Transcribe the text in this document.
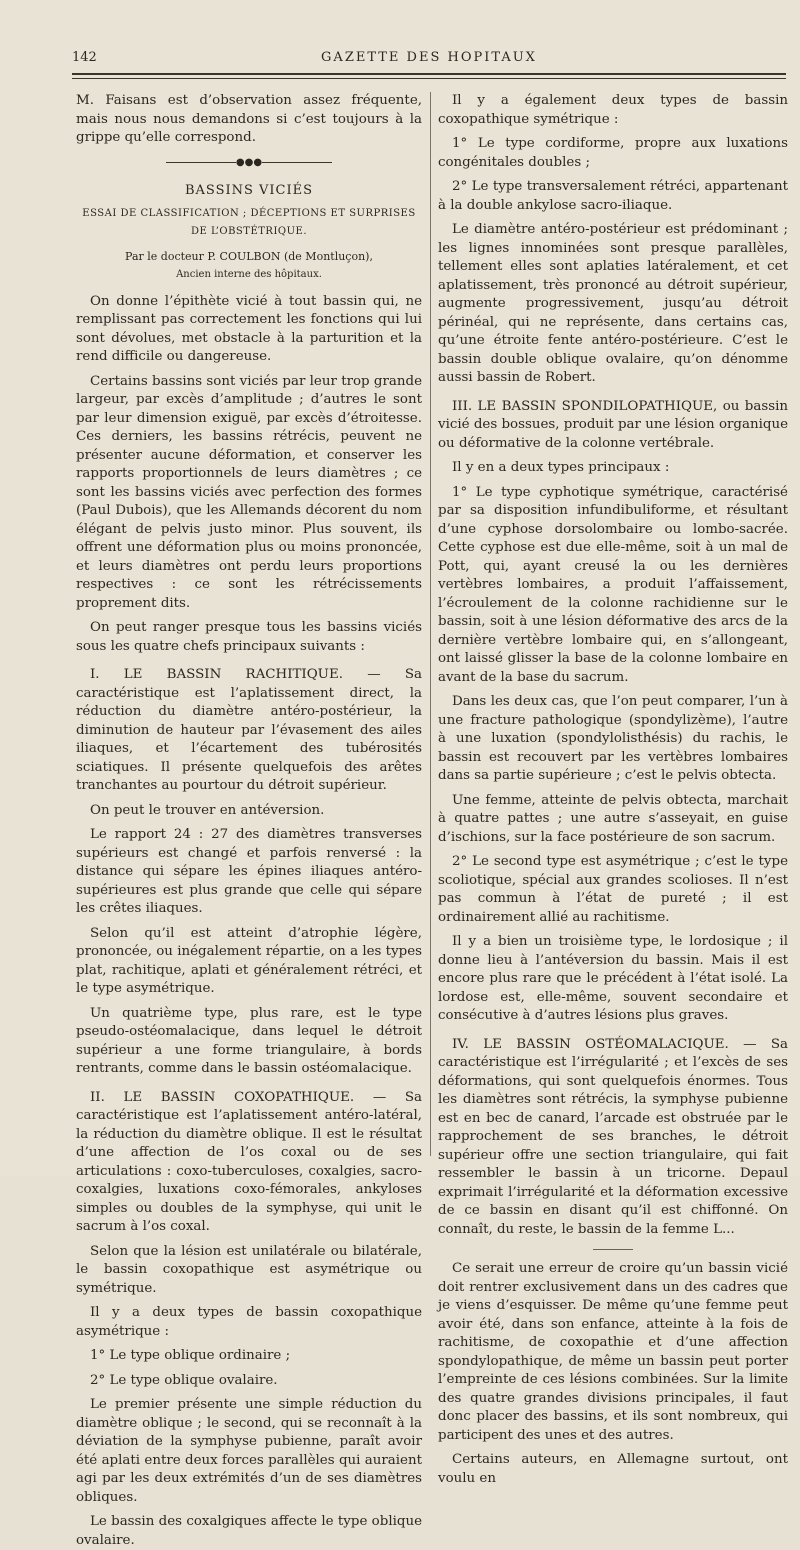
142	GAZETTE DES HOPITAUX

M. Faisans est d’observation assez fréquente, mais nous nous demandons si c’est toujours à la grippe qu’elle correspond.

●●●
BASSINS VICIÉS
ESSAI DE CLASSIFICATION ; DÉCEPTIONS ET SURPRISES DE L’OBSTÉTRIQUE.
Par le docteur P. COULBON (de Montluçon),
Ancien interne des hôpitaux.

On donne l’épithète vicié à tout bassin qui, ne remplissant pas correctement les fonctions qui lui sont dévolues, met obstacle à la parturition et la rend difficile ou dangereuse.

Certains bassins sont viciés par leur trop grande largeur, par excès d’amplitude ; d’autres le sont par leur dimension exiguë, par excès d’étroitesse. Ces derniers, les bassins rétrécis, peuvent ne présenter aucune déformation, et conserver les rapports proportionnels de leurs diamètres ; ce sont les bassins viciés avec perfection des formes (Paul Dubois), que les Allemands décorent du nom élégant de pelvis justo minor. Plus souvent, ils offrent une déformation plus ou moins prononcée, et leurs diamètres ont perdu leurs proportions respectives : ce sont les rétrécissements proprement dits.

On peut ranger presque tous les bassins viciés sous les quatre chefs principaux suivants :

I. LE BASSIN RACHITIQUE. — Sa caractéristique est l’aplatissement direct, la réduction du diamètre antéro-postérieur, la diminution de hauteur par l’évasement des ailes iliaques, et l’écartement des tubérosités sciatiques. Il présente quelquefois des arêtes tranchantes au pourtour du détroit supérieur.

On peut le trouver en antéversion.

Le rapport 24 : 27 des diamètres transverses supérieurs est changé et parfois renversé : la distance qui sépare les épines iliaques antéro-supérieures est plus grande que celle qui sépare les crêtes iliaques.

Selon qu’il est atteint d’atrophie légère, prononcée, ou inégalement répartie, on a les types plat, rachitique, aplati et généralement rétréci, et le type asymétrique.

Un quatrième type, plus rare, est le type pseudo-ostéomalacique, dans lequel le détroit supérieur a une forme triangulaire, à bords rentrants, comme dans le bassin ostéomalacique.

II. LE BASSIN COXOPATHIQUE. — Sa caractéristique est l’aplatissement antéro-latéral, la réduction du diamètre oblique. Il est le résultat d’une affection de l’os coxal ou de ses articulations : coxo-tuberculoses, coxalgies, sacro-coxalgies, luxations coxo-fémorales, ankyloses simples ou doubles de la symphyse, qui unit le sacrum à l’os coxal.

Selon que la lésion est unilatérale ou bilatérale, le bassin coxopathique est asymétrique ou symétrique.

Il y a deux types de bassin coxopathique asymétrique :

1° Le type oblique ordinaire ;

2° Le type oblique ovalaire.

Le premier présente une simple réduction du diamètre oblique ; le second, qui se reconnaît à la déviation de la symphyse pubienne, paraît avoir été aplati entre deux forces parallèles qui auraient agi par les deux extrémités d’un de ses diamètres obliques.

Le bassin des coxalgiques affecte le type oblique ovalaire.

Il y a également deux types de bassin coxopathique symétrique :

1° Le type cordiforme, propre aux luxations congénitales doubles ;

2° Le type transversalement rétréci, appartenant à la double ankylose sacro-iliaque.

Le diamètre antéro-postérieur est prédominant ; les lignes innominées sont presque parallèles, tellement elles sont aplaties latéralement, et cet aplatissement, très prononcé au détroit supérieur, augmente progressivement, jusqu’au détroit périnéal, qui ne représente, dans certains cas, qu’une étroite fente antéro-postérieure. C’est le bassin double oblique ovalaire, qu’on dénomme aussi bassin de Robert.

III. LE BASSIN SPONDILOPATHIQUE, ou bassin vicié des bossues, produit par une lésion organique ou déformative de la colonne vertébrale.

Il y en a deux types principaux :

1° Le type cyphotique symétrique, caractérisé par sa disposition infundibuliforme, et résultant d’une cyphose dorsolombaire ou lombo-sacrée. Cette cyphose est due elle-même, soit à un mal de Pott, qui, ayant creusé la ou les dernières vertèbres lombaires, a produit l’affaissement, l’écroulement de la colonne rachidienne sur le bassin, soit à une lésion déformative des arcs de la dernière vertèbre lombaire qui, en s’allongeant, ont laissé glisser la base de la colonne lombaire en avant de la base du sacrum.

Dans les deux cas, que l’on peut comparer, l’un à une fracture pathologique (spondylizème), l’autre à une luxation (spondylolisthésis) du rachis, le bassin est recouvert par les vertèbres lombaires dans sa partie supérieure ; c’est le pelvis obtecta.

Une femme, atteinte de pelvis obtecta, marchait à quatre pattes ; une autre s’asseyait, en guise d’ischions, sur la face postérieure de son sacrum.

2° Le second type est asymétrique ; c’est le type scoliotique, spécial aux grandes scolioses. Il n’est pas commun à l’état de pureté ; il est ordinairement allié au rachitisme.

Il y a bien un troisième type, le lordosique ; il donne lieu à l’antéversion du bassin. Mais il est encore plus rare que le précédent à l’état isolé. La lordose est, elle-même, souvent secondaire et consécutive à d’autres lésions plus graves.

IV. LE BASSIN OSTÉOMALACIQUE. — Sa caractéristique est l’irrégularité ; et l’excès de ses déformations, qui sont quelquefois énormes. Tous les diamètres sont rétrécis, la symphyse pubienne est en bec de canard, l’arcade est obstruée par le rapprochement de ses branches, le détroit supérieur offre une section triangulaire, qui fait ressembler le bassin à un tricorne. Depaul exprimait l’irrégularité et la déformation excessive de ce bassin en disant qu’il est chiffonné. On connaît, du reste, le bassin de la femme L...

Ce serait une erreur de croire qu’un bassin vicié doit rentrer exclusivement dans un des cadres que je viens d’esquisser. De même qu’une femme peut avoir été, dans son enfance, atteinte à la fois de rachitisme, de coxopathie et d’une affection spondylopathique, de même un bassin peut porter l’empreinte de ces lésions combinées. Sur la limite des quatre grandes divisions principales, il faut donc placer des bassins, et ils sont nombreux, qui participent des unes et des autres.

Certains auteurs, en Allemagne surtout, ont voulu en
